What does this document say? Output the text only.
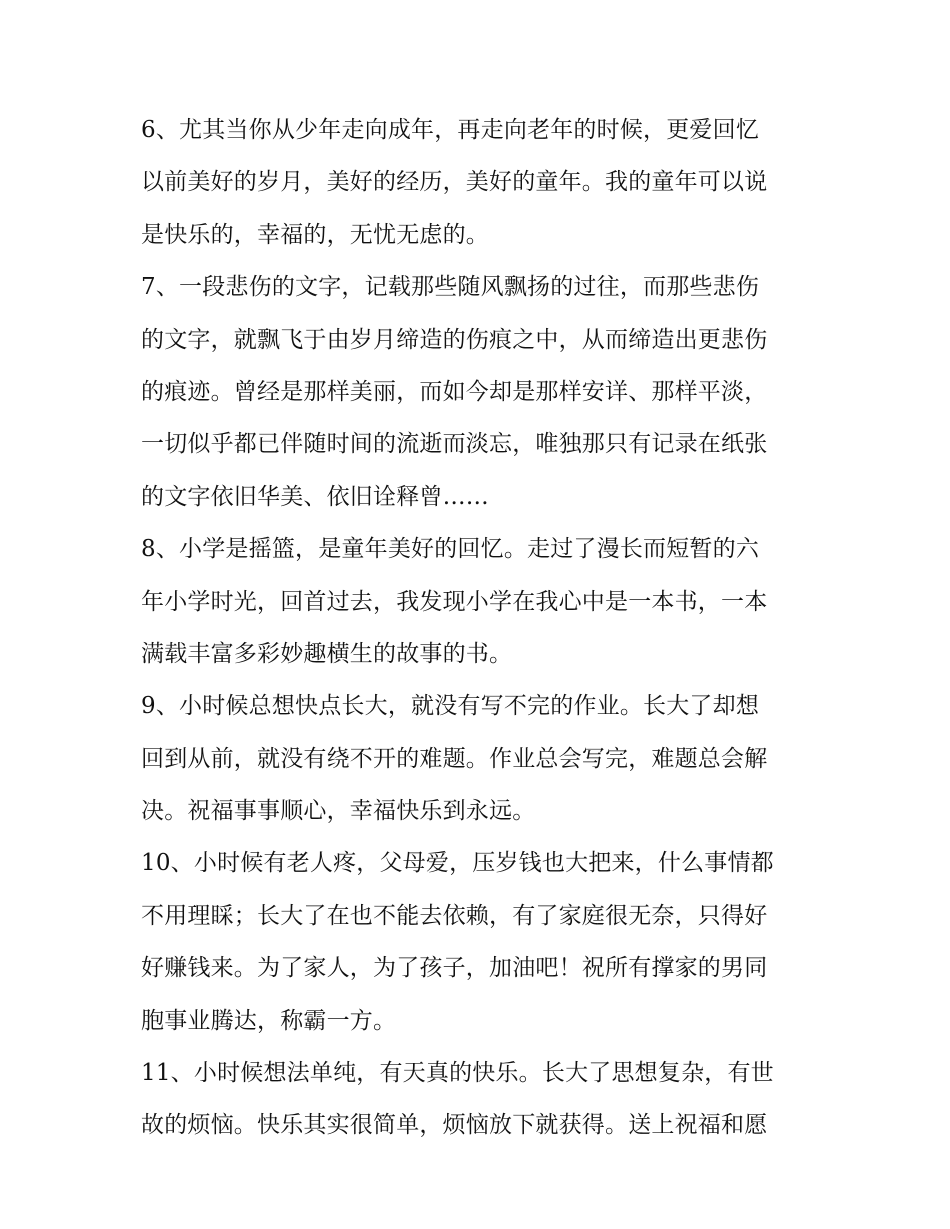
6、尤其当你从少年走向成年，再走向老年的时候，更爱回忆
以前美好的岁月，美好的经历，美好的童年。我的童年可以说
是快乐的，幸福的，无忧无虑的。

7、一段悲伤的文字，记载那些随风飘扬的过往，而那些悲伤
的文字，就飘飞于由岁月缔造的伤痕之中，从而缔造出更悲伤
的痕迹。曾经是那样美丽，而如今却是那样安详、那样平淡，
一切似乎都已伴随时间的流逝而淡忘，唯独那只有记录在纸张
的文字依旧华美、依旧诠释曾……

8、小学是摇篮，是童年美好的回忆。走过了漫长而短暂的六
年小学时光，回首过去，我发现小学在我心中是一本书，一本
满载丰富多彩妙趣横生的故事的书。

9、小时候总想快点长大，就没有写不完的作业。长大了却想
回到从前，就没有绕不开的难题。作业总会写完，难题总会解
决。祝福事事顺心，幸福快乐到永远。

10、小时候有老人疼，父母爱，压岁钱也大把来，什么事情都
不用理睬；长大了在也不能去依赖，有了家庭很无奈，只得好
好赚钱来。为了家人，为了孩子，加油吧！祝所有撑家的男同
胞事业腾达，称霸一方。

11、小时候想法单纯，有天真的快乐。长大了思想复杂，有世
故的烦恼。快乐其实很简单，烦恼放下就获得。送上祝福和愿
